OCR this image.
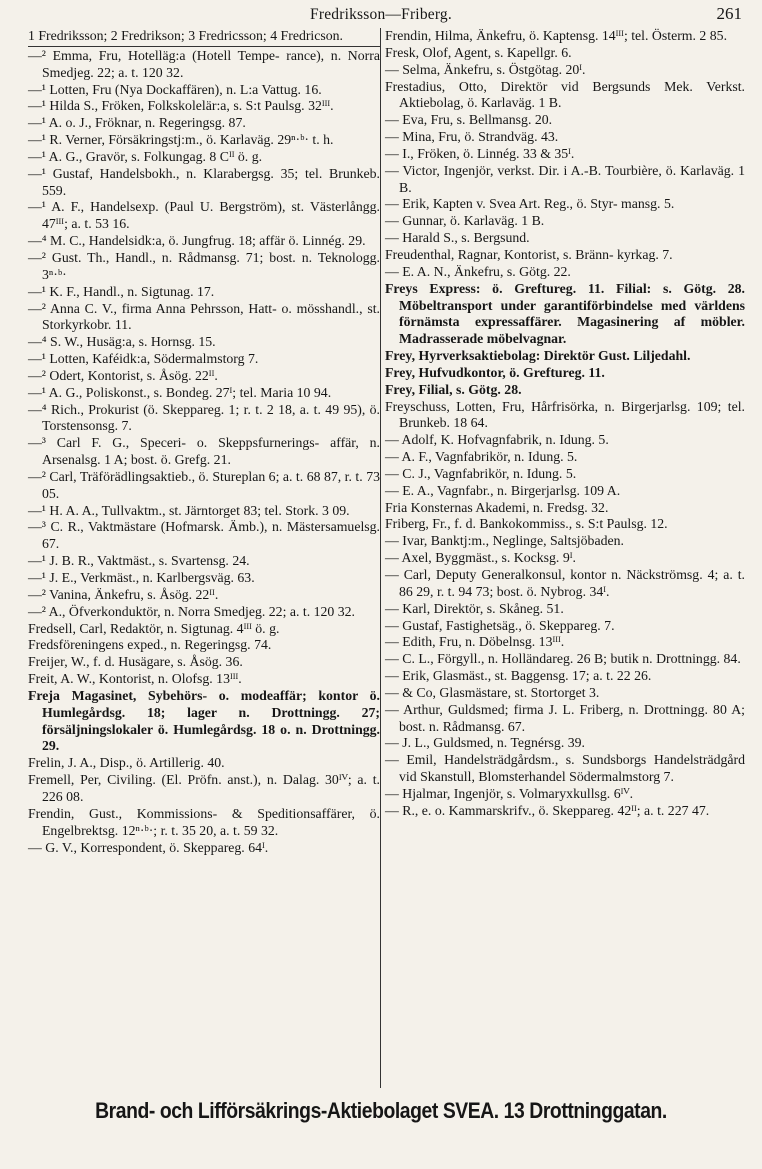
Fredriksson—Friberg.	261
1 Fredriksson; 2 Fredrikson; 3 Fredricsson; 4 Fredricson.
—² Emma, Fru, Hotelläg:a (Hotell Tempe- rance), n. Norra Smedjeg. 22; a. t. 120 32.
—¹ Lotten, Fru (Nya Dockaffären), n. L:a Vattug. 16.
—¹ Hilda S., Fröken, Folkskolelär:a, s. S:t Paulsg. 32ᴵᴵᴵ.
—¹ A. o. J., Fröknar, n. Regeringsg. 87.
—¹ R. Verner, Försäkringstj:m., ö. Karlaväg. 29ⁿ·ᵇ· t. h.
—¹ A. G., Gravör, s. Folkungag. 8 Cᴵᴵ ö. g.
—¹ Gustaf, Handelsbokh., n. Klarabergsg. 35; tel. Brunkeb. 559.
—¹ A. F., Handelsexp. (Paul U. Bergström), st. Västerlångg. 47ᴵᴵᴵ; a. t. 53 16.
—⁴ M. C., Handelsidk:a, ö. Jungfrug. 18; affär ö. Linnég. 29.
—² Gust. Th., Handl., n. Rådmansg. 71; bost. n. Teknologg. 3ⁿ·ᵇ·
—¹ K. F., Handl., n. Sigtunag. 17.
—² Anna C. V., firma Anna Pehrsson, Hatt- o. mösshandl., st. Storkyrkobr. 11.
—⁴ S. W., Husäg:a, s. Hornsg. 15.
—¹ Lotten, Kaféidk:a, Södermalmstorg 7.
—² Odert, Kontorist, s. Åsög. 22ᴵᴵ.
—¹ A. G., Poliskonst., s. Bondeg. 27ᴵ; tel. Maria 10 94.
—⁴ Rich., Prokurist (ö. Skeppareg. 1; r. t. 2 18, a. t. 49 95), ö. Torstensonsg. 7.
—³ Carl F. G., Speceri- o. Skeppsfurnerings- affär, n. Arsenalsg. 1 A; bost. ö. Grefg. 21.
—² Carl, Träförädlingsaktieb., ö. Stureplan 6; a. t. 68 87, r. t. 73 05.
—¹ H. A. A., Tullvaktm., st. Järntorget 83; tel. Stork. 3 09.
—³ C. R., Vaktmästare (Hofmarsk. Ämb.), n. Mästersamuelsg. 67.
—¹ J. B. R., Vaktmäst., s. Svartensg. 24.
—¹ J. E., Verkmäst., n. Karlbergsväg. 63.
—² Vanina, Änkefru, s. Åsög. 22ᴵᴵ.
—² A., Öfverkonduktör, n. Norra Smedjeg. 22; a. t. 120 32.
Fredsell, Carl, Redaktör, n. Sigtunag. 4ᴵᴵᴵ ö. g.
Fredsföreningens exped., n. Regeringsg. 74.
Freijer, W., f. d. Husägare, s. Åsög. 36.
Freit, A. W., Kontorist, n. Olofsg. 13ᴵᴵᴵ.
Freja Magasinet, Sybehörs- o. modeaffär; kontor ö. Humlegårdsg. 18; lager n. Drottningg. 27; försäljningslokaler ö. Humlegårdsg. 18 o. n. Drottningg. 29.
Frelin, J. A., Disp., ö. Artillerig. 40.
Fremell, Per, Civiling. (El. Pröfn. anst.), n. Dalag. 30ᴵⱽ; a. t. 226 08.
Frendin, Gust., Kommissions- & Speditionsaffärer, ö. Engelbrektsg. 12ⁿ·ᵇ·; r. t. 35 20, a. t. 59 32.
— G. V., Korrespondent, ö. Skeppareg. 64ᴵ.
Frendin, Hilma, Änkefru, ö. Kaptensg. 14ᴵᴵᴵ; tel. Österm. 2 85.
Fresk, Olof, Agent, s. Kapellgr. 6.
— Selma, Änkefru, s. Östgötag. 20ᴵ.
Frestadius, Otto, Direktör vid Bergsunds Mek. Verkst. Aktiebolag, ö. Karlaväg. 1 B.
— Eva, Fru, s. Bellmansg. 20.
— Mina, Fru, ö. Strandväg. 43.
— I., Fröken, ö. Linnég. 33 & 35ᴵ.
— Victor, Ingenjör, verkst. Dir. i A.-B. Tourbière, ö. Karlaväg. 1 B.
— Erik, Kapten v. Svea Art. Reg., ö. Styr- mansg. 5.
— Gunnar, ö. Karlaväg. 1 B.
— Harald S., s. Bergsund.
Freudenthal, Ragnar, Kontorist, s. Bränn- kyrkag. 7.
— E. A. N., Änkefru, s. Götg. 22.
Freys Express: ö. Greftureg. 11. Filial: s. Götg. 28. Möbeltransport under garantiförbindelse med världens förnämsta expressaffärer. Magasinering af möbler. Madrasserade möbelvagnar.
Frey, Hyrverksaktiebolag: Direktör Gust. Liljedahl.
Frey, Hufvudkontor, ö. Greftureg. 11.
Frey, Filial, s. Götg. 28.
Freyschuss, Lotten, Fru, Hårfrisörka, n. Birgerjarlsg. 109; tel. Brunkeb. 18 64.
— Adolf, K. Hofvagnfabrik, n. Idung. 5.
— A. F., Vagnfabrikör, n. Idung. 5.
— C. J., Vagnfabrikör, n. Idung. 5.
— E. A., Vagnfabr., n. Birgerjarlsg. 109 A.
Fria Konsternas Akademi, n. Fredsg. 32.
Friberg, Fr., f. d. Bankokommiss., s. S:t Paulsg. 12.
— Ivar, Banktj:m., Neglinge, Saltsjöbaden.
— Axel, Byggmäst., s. Kocksg. 9ᴵ.
— Carl, Deputy Generalkonsul, kontor n. Näckströmsg. 4; a. t. 86 29, r. t. 94 73; bost. ö. Nybrog. 34ᴵ.
— Karl, Direktör, s. Skåneg. 51.
— Gustaf, Fastighetsäg., ö. Skeppareg. 7.
— Edith, Fru, n. Döbelnsg. 13ᴵᴵᴵ.
— C. L., Förgyll., n. Holländareg. 26 B; butik n. Drottningg. 84.
— Erik, Glasmäst., st. Baggensg. 17; a. t. 22 26.
— & Co, Glasmästare, st. Stortorget 3.
— Arthur, Guldsmed; firma J. L. Friberg, n. Drottningg. 80 A; bost. n. Rådmansg. 67.
— J. L., Guldsmed, n. Tegnérsg. 39.
— Emil, Handelsträdgårdsm., s. Sundsborgs Handelsträdgård vid Skanstull, Blomsterhandel Södermalmstorg 7.
— Hjalmar, Ingenjör, s. Volmaryxkullsg. 6ᴵⱽ.
— R., e. o. Kammarskrifv., ö. Skeppareg. 42ᴵᴵ; a. t. 227 47.
Brand- och Lifförsäkrings-Aktiebolaget SVEA. 13 Drottninggatan.
